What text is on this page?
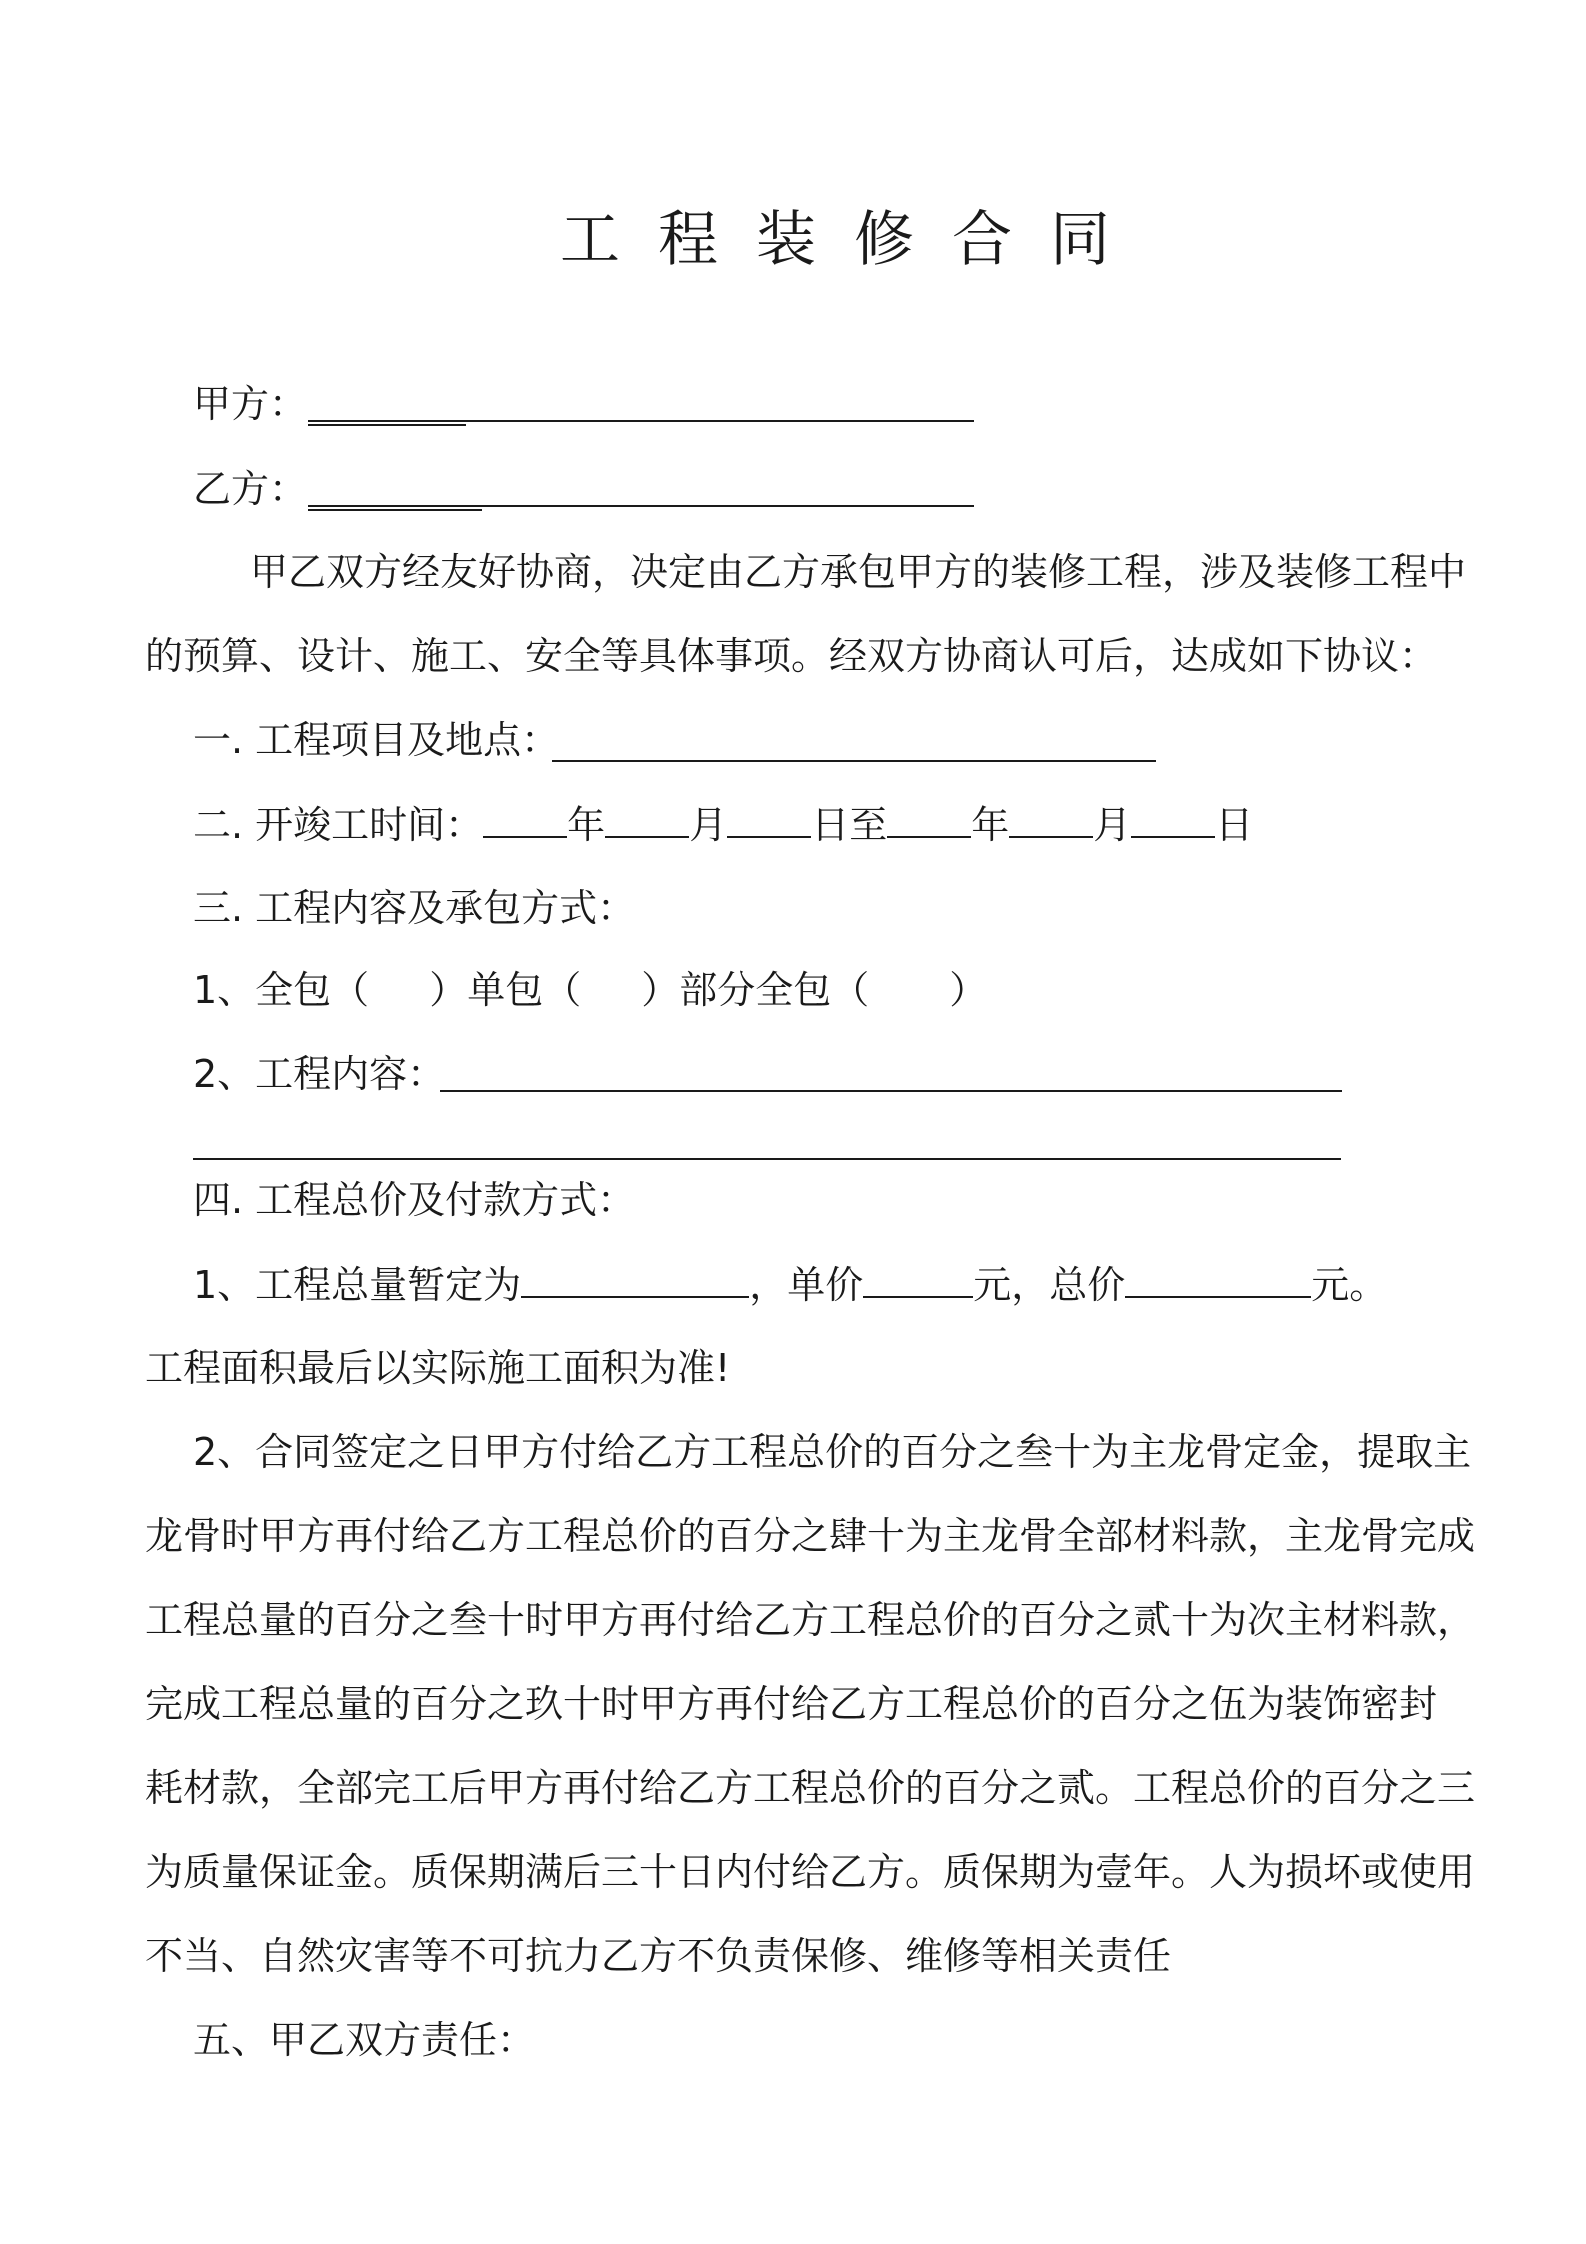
工程装修合同
甲方：
乙方：
甲乙双方经友好协商，决定由乙方承包甲方的装修工程，涉及装修工程中
的预算、设计、施工、安全等具体事项。经双方协商认可后，达成如下协议：
一. 工程项目及地点：
二. 开竣工时间： 年 月 日至 年 月 日
三. 工程内容及承包方式：
1、全包（ ）单包（ ）部分全包（ ）
2、工程内容：
四. 工程总价及付款方式：
1、工程总量暂定为	，单价	元，总价	元。
工程面积最后以实际施工面积为准!
2、合同签定之日甲方付给乙方工程总价的百分之叁十为主龙骨定金，提取主
龙骨时甲方再付给乙方工程总价的百分之肆十为主龙骨全部材料款，主龙骨完成
工程总量的百分之叁十时甲方再付给乙方工程总价的百分之贰十为次主材料款，
完成工程总量的百分之玖十时甲方再付给乙方工程总价的百分之伍为装饰密封
耗材款，全部完工后甲方再付给乙方工程总价的百分之贰。工程总价的百分之三
为质量保证金。质保期满后三十日内付给乙方。质保期为壹年。人为损坏或使用
不当、自然灾害等不可抗力乙方不负责保修、维修等相关责任
五、甲乙双方责任：
